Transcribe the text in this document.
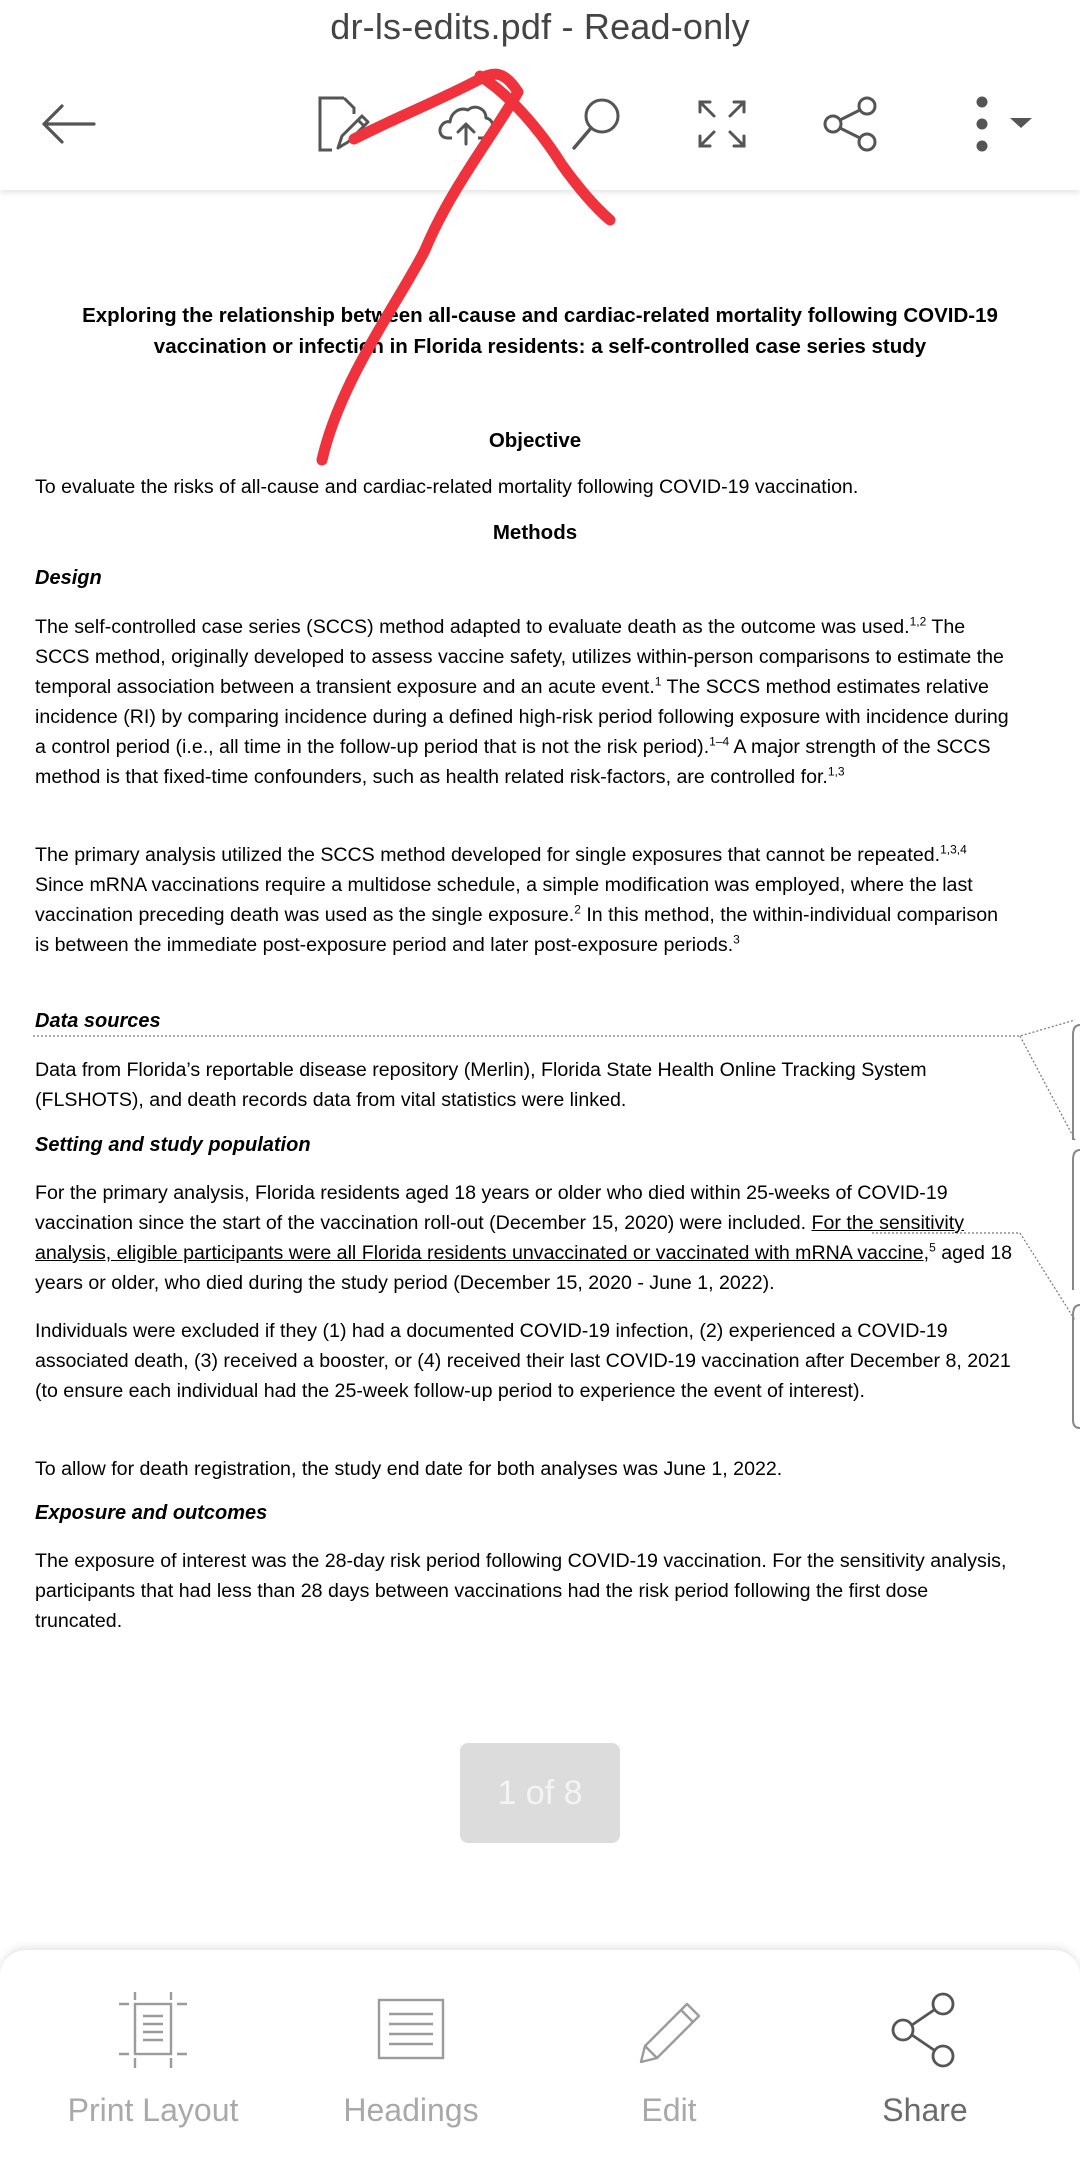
dr-ls-edits.pdf - Read-only
Exploring the relationship between all-cause and cardiac-related mortality following COVID-19
vaccination or infection in Florida residents: a self-controlled case series study
Objective

To evaluate the risks of all-cause and cardiac-related mortality following COVID-19 vaccination.

Methods
Design

The self-controlled case series (SCCS) method adapted to evaluate death as the outcome was used.$^{1,2}$ The SCCS method, originally developed to assess vaccine safety, utilizes within-person comparisons to estimate the temporal association between a transient exposure and an acute event.$^1$ The SCCS method estimates relative incidence (RI) by comparing incidence during a defined high-risk period following exposure with incidence during a control period (i.e., all time in the follow-up period that is not the risk period).$^{1-4}$ A major strength of the SCCS method is that fixed-time confounders, such as health related risk-factors, are controlled for.$^{1,3}$

The primary analysis utilized the SCCS method developed for single exposures that cannot be repeated.$^{1,3,4}$ Since mRNA vaccinations require a multidose schedule, a simple modification was employed, where the last vaccination preceding death was used as the single exposure.$^2$ In this method, the within-individual comparison is between the immediate post-exposure period and later post-exposure periods.$^3$

Data sources

Data from Florida’s reportable disease repository (Merlin), Florida State Health Online Tracking System (FLSHOTS), and death records data from vital statistics were linked.

Setting and study population

For the primary analysis, Florida residents aged 18 years or older who died within 25-weeks of COVID-19 vaccination since the start of the vaccination roll-out (December 15, 2020) were included. For the sensitivity analysis, eligible participants were all Florida residents unvaccinated or vaccinated with mRNA vaccine,$^5$ aged 18 years or older, who died during the study period (December 15, 2020 - June 1, 2022).

Individuals were excluded if they (1) had a documented COVID-19 infection, (2) experienced a COVID-19 associated death, (3) received a booster, or (4) received their last COVID-19 vaccination after December 8, 2021 (to ensure each individual had the 25-week follow-up period to experience the event of interest).

To allow for death registration, the study end date for both analyses was June 1, 2022.

Exposure and outcomes

The exposure of interest was the 28-day risk period following COVID-19 vaccination. For the sensitivity analysis, participants that had less than 28 days between vaccinations had the risk period following the first dose truncated.

1 of 8
Print Layout	Headings	Edit	Share
